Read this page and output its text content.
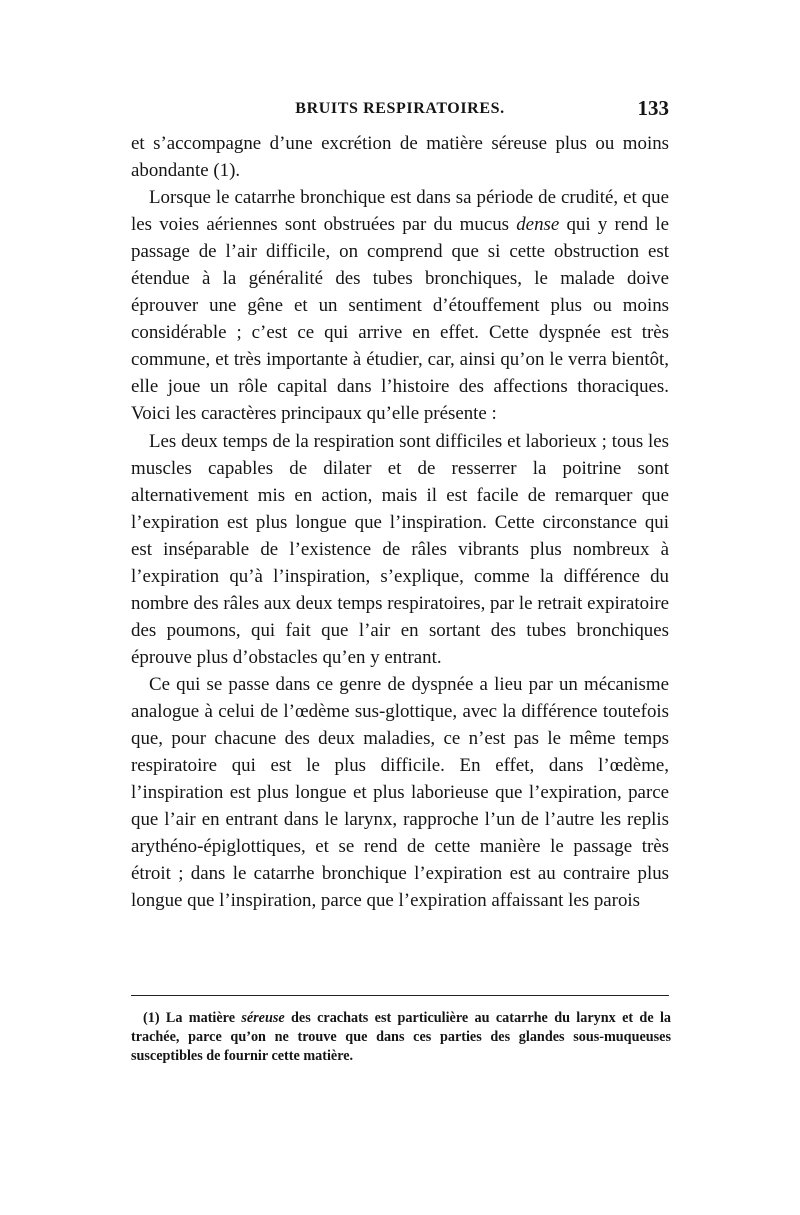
BRUITS RESPIRATOIRES.	133

et s’accompagne d’une excrétion de matière séreuse plus ou moins abondante (1).

Lorsque le catarrhe bronchique est dans sa période de crudité, et que les voies aériennes sont obstruées par du mucus dense qui y rend le passage de l’air difficile, on comprend que si cette obstruction est étendue à la généralité des tubes bronchiques, le malade doive éprouver une gêne et un sentiment d’étouffement plus ou moins considérable ; c’est ce qui arrive en effet. Cette dyspnée est très commune, et très importante à étudier, car, ainsi qu’on le verra bientôt, elle joue un rôle capital dans l’histoire des affections thoraciques. Voici les caractères principaux qu’elle présente :

Les deux temps de la respiration sont difficiles et laborieux ; tous les muscles capables de dilater et de resserrer la poitrine sont alternativement mis en action, mais il est facile de remarquer que l’expiration est plus longue que l’inspiration. Cette circonstance qui est inséparable de l’existence de râles vibrants plus nombreux à l’expiration qu’à l’inspiration, s’explique, comme la différence du nombre des râles aux deux temps respiratoires, par le retrait expiratoire des poumons, qui fait que l’air en sortant des tubes bronchiques éprouve plus d’obstacles qu’en y entrant.

Ce qui se passe dans ce genre de dyspnée a lieu par un mécanisme analogue à celui de l’œdème sus-glottique, avec la différence toutefois que, pour chacune des deux maladies, ce n’est pas le même temps respiratoire qui est le plus difficile. En effet, dans l’œdème, l’inspiration est plus longue et plus laborieuse que l’expiration, parce que l’air en entrant dans le larynx, rapproche l’un de l’autre les replis arythéno-épiglottiques, et se rend de cette manière le passage très étroit ; dans le catarrhe bronchique l’expiration est au contraire plus longue que l’inspiration, parce que l’expiration affaissant les parois

(1) La matière séreuse des crachats est particulière au catarrhe du larynx et de la trachée, parce qu’on ne trouve que dans ces parties des glandes sous-muqueuses susceptibles de fournir cette matière.
